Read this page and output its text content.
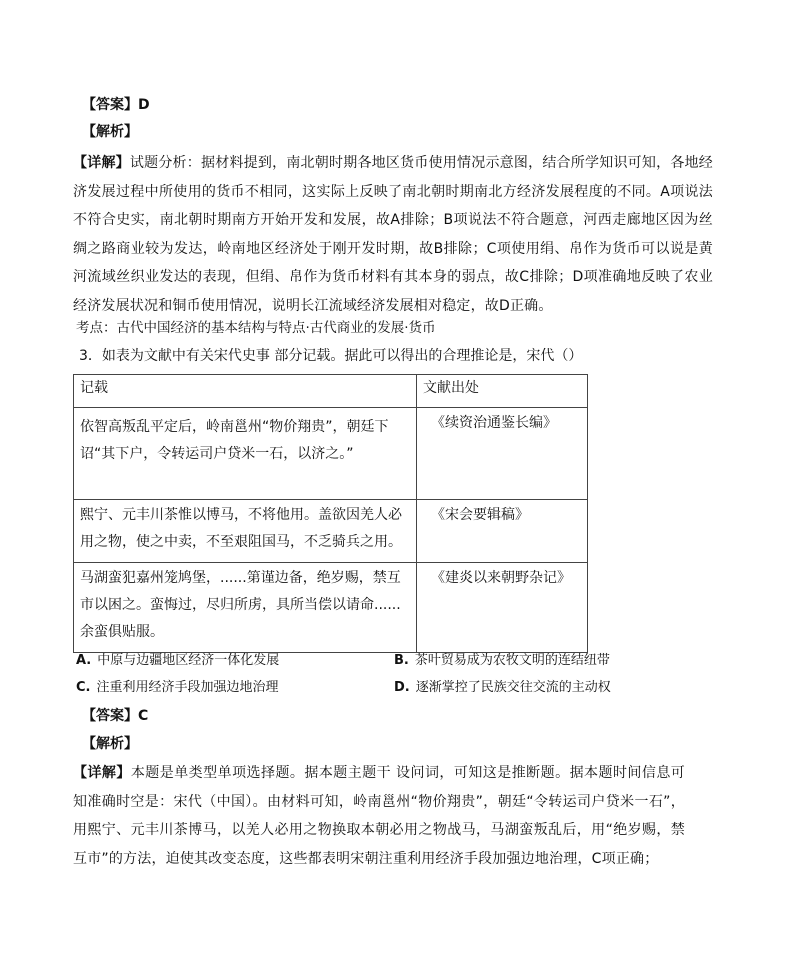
【答案】D
【解析】
【详解】试题分析：据材料提到，南北朝时期各地区货币使用情况示意图，结合所学知识可知，各地经济发展过程中所使用的货币不相同，这实际上反映了南北朝时期南北方经济发展程度的不同。A项说法不符合史实，南北朝时期南方开始开发和发展，故A排除；B项说法不符合题意，河西走廊地区因为丝绸之路商业较为发达，岭南地区经济处于刚开发时期，故B排除；C项使用绢、帛作为货币可以说是黄河流域丝织业发达的表现，但绢、帛作为货币材料有其本身的弱点，故C排除；D项准确地反映了农业经济发展状况和铜币使用情况，说明长江流域经济发展相对稳定，故D正确。
考点：古代中国经济的基本结构与特点·古代商业的发展·货币
3．如表为文献中有关宋代史事 部分记载。据此可以得出的合理推论是，宋代（）
记载	文献出处
依智高叛乱平定后，岭南邕州“物价翔贵”，朝廷下诏“其下户，令转运司户贷米一石，以济之。”	《续资治通鉴长编》
熙宁、元丰川茶惟以博马，不将他用。盖欲因羌人必用之物，使之中卖，不至艰阻国马，不乏骑兵之用。	《宋会要辑稿》
马湖蛮犯嘉州笼鸠堡，......第谨边备，绝岁赐，禁互市以困之。蛮悔过，尽归所虏，具所当偿以请命......余蛮俱贴服。	《建炎以来朝野杂记》
A. 中原与边疆地区经济一体化发展	B. 茶叶贸易成为农牧文明的连结纽带
C. 注重利用经济手段加强边地治理	D. 逐渐掌控了民族交往交流的主动权
【答案】C
【解析】
【详解】本题是单类型单项选择题。据本题主题干 设问词，可知这是推断题。据本题时间信息可知准确时空是：宋代（中国）。由材料可知，岭南邕州“物价翔贵”，朝廷“令转运司户贷米一石”，用熙宁、元丰川茶博马，以羌人必用之物换取本朝必用之物战马，马湖蛮叛乱后，用“绝岁赐，禁互市”的方法，迫使其改变态度，这些都表明宋朝注重利用经济手段加强边地治理，C项正确；
